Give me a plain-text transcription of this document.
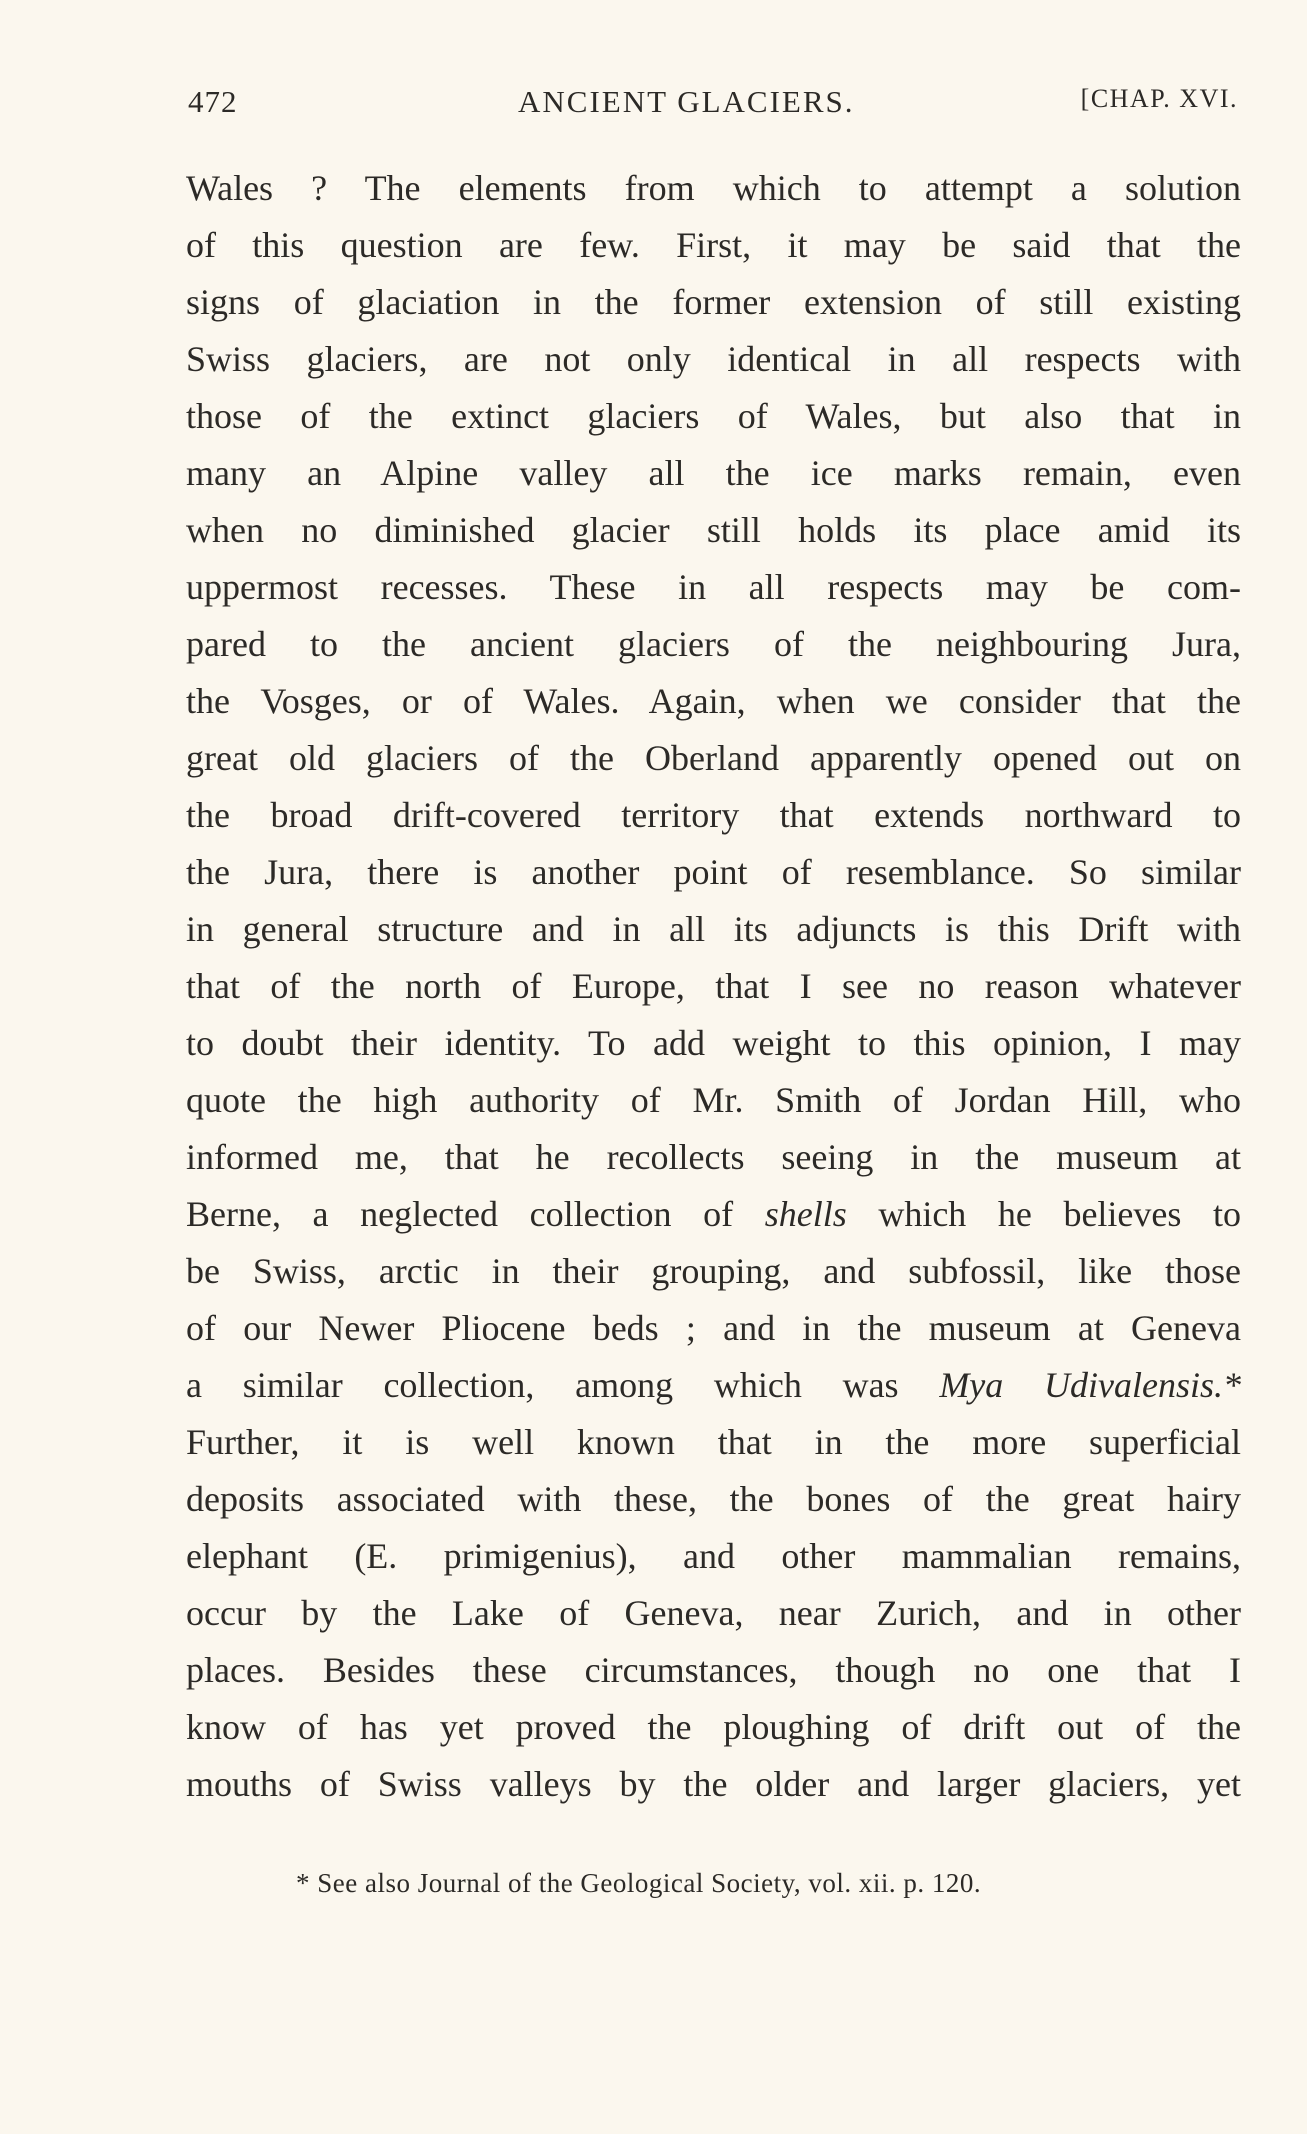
472	ANCIENT GLACIERS.	[CHAP. XVI.
Wales ? The elements from which to attempt a solution
of this question are few. First, it may be said that the
signs of glaciation in the former extension of still existing
Swiss glaciers, are not only identical in all respects with
those of the extinct glaciers of Wales, but also that in
many an Alpine valley all the ice marks remain, even
when no diminished glacier still holds its place amid its
uppermost recesses. These in all respects may be com-
pared to the ancient glaciers of the neighbouring Jura,
the Vosges, or of Wales. Again, when we consider that the
great old glaciers of the Oberland apparently opened out on
the broad drift-covered territory that extends northward to
the Jura, there is another point of resemblance. So similar
in general structure and in all its adjuncts is this Drift with
that of the north of Europe, that I see no reason whatever
to doubt their identity. To add weight to this opinion, I may
quote the high authority of Mr. Smith of Jordan Hill, who
informed me, that he recollects seeing in the museum at
Berne, a neglected collection of shells which he believes to
be Swiss, arctic in their grouping, and subfossil, like those
of our Newer Pliocene beds ; and in the museum at Geneva
a similar collection, among which was Mya Udivalensis.*
Further, it is well known that in the more superficial
deposits associated with these, the bones of the great hairy
elephant (E. primigenius), and other mammalian remains,
occur by the Lake of Geneva, near Zurich, and in other
places. Besides these circumstances, though no one that I
know of has yet proved the ploughing of drift out of the
mouths of Swiss valleys by the older and larger glaciers, yet
* See also Journal of the Geological Society, vol. xii. p. 120.
